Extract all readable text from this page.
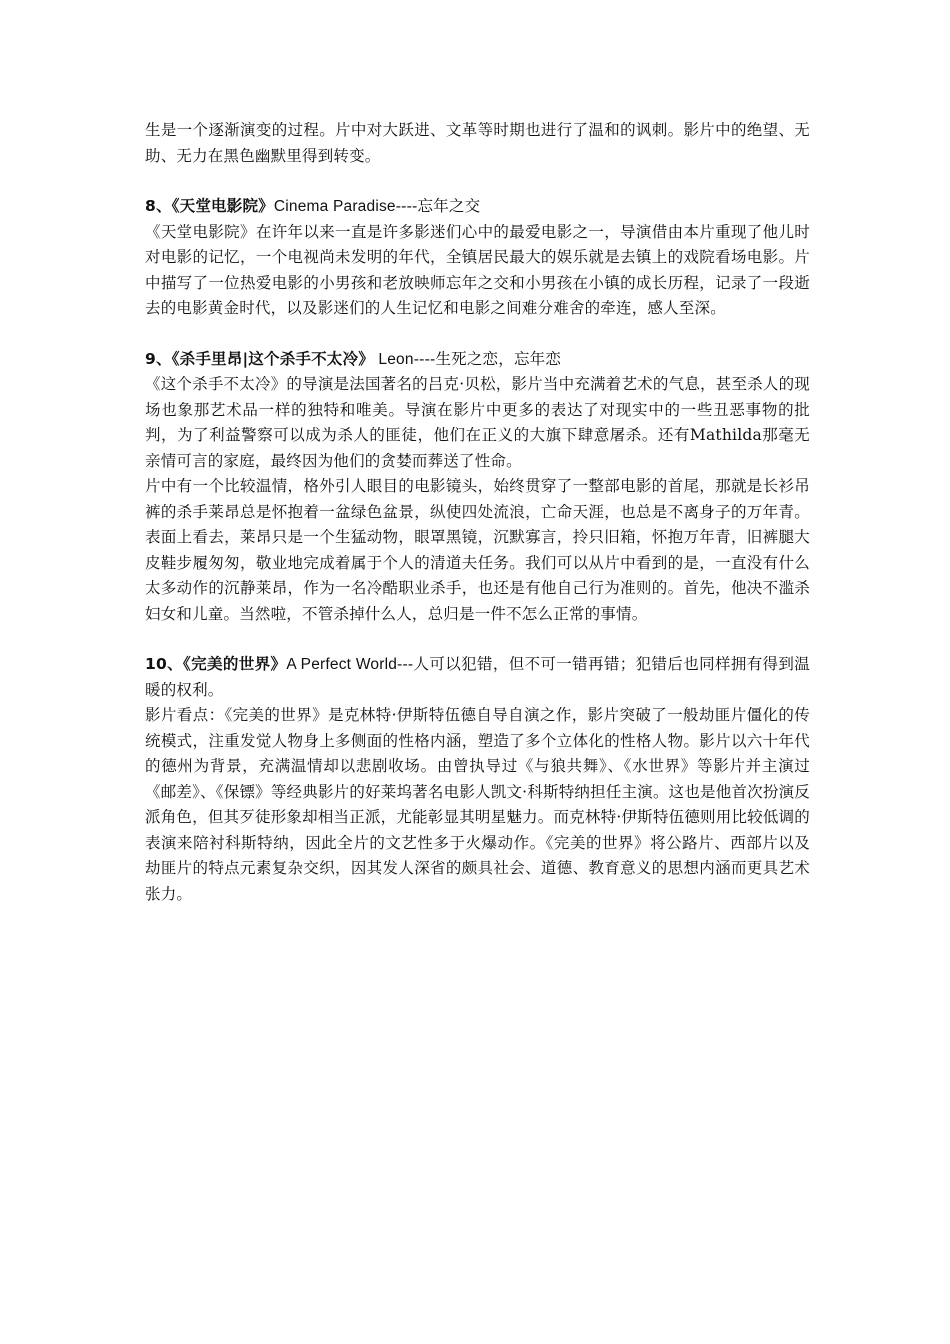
生是一个逐渐演变的过程。片中对大跃进、文革等时期也进行了温和的讽刺。影片中的绝望、无助、无力在黑色幽默里得到转变。

8、《天堂电影院》Cinema Paradise----忘年之交

《天堂电影院》在许年以来一直是许多影迷们心中的最爱电影之一，导演借由本片重现了他儿时对电影的记忆，一个电视尚未发明的年代，全镇居民最大的娱乐就是去镇上的戏院看场电影。片中描写了一位热爱电影的小男孩和老放映师忘年之交和小男孩在小镇的成长历程，记录了一段逝去的电影黄金时代，以及影迷们的人生记忆和电影之间难分难舍的牵连，感人至深。

9、《杀手里昂|这个杀手不太冷》 Leon----生死之恋，忘年恋

《这个杀手不太冷》的导演是法国著名的吕克·贝松，影片当中充满着艺术的气息，甚至杀人的现场也象那艺术品一样的独特和唯美。导演在影片中更多的表达了对现实中的一些丑恶事物的批判，为了利益警察可以成为杀人的匪徒，他们在正义的大旗下肆意屠杀。还有Mathilda那毫无亲情可言的家庭，最终因为他们的贪婪而葬送了性命。

片中有一个比较温情，格外引人眼目的电影镜头，始终贯穿了一整部电影的首尾，那就是长衫吊裤的杀手莱昂总是怀抱着一盆绿色盆景，纵使四处流浪，亡命天涯，也总是不离身子的万年青。表面上看去，莱昂只是一个生猛动物，眼罩黑镜，沉默寡言，拎只旧箱，怀抱万年青，旧裤腿大皮鞋步履匆匆，敬业地完成着属于个人的清道夫任务。我们可以从片中看到的是，一直没有什么太多动作的沉静莱昂，作为一名冷酷职业杀手，也还是有他自己行为准则的。首先，他决不滥杀妇女和儿童。当然啦，不管杀掉什么人，总归是一件不怎么正常的事情。

10、《完美的世界》A Perfect World---人可以犯错，但不可一错再错；犯错后也同样拥有得到温暖的权利。

影片看点：《完美的世界》是克林特·伊斯特伍德自导自演之作，影片突破了一般劫匪片僵化的传统模式，注重发觉人物身上多侧面的性格内涵，塑造了多个立体化的性格人物。影片以六十年代的德州为背景，充满温情却以悲剧收场。由曾执导过《与狼共舞》、《水世界》等影片并主演过《邮差》、《保镖》等经典影片的好莱坞著名电影人凯文·科斯特纳担任主演。这也是他首次扮演反派角色，但其歹徒形象却相当正派，尤能彰显其明星魅力。而克林特·伊斯特伍德则用比较低调的表演来陪衬科斯特纳，因此全片的文艺性多于火爆动作。《完美的世界》将公路片、西部片以及劫匪片的特点元素复杂交织，因其发人深省的颇具社会、道德、教育意义的思想内涵而更具艺术张力。
